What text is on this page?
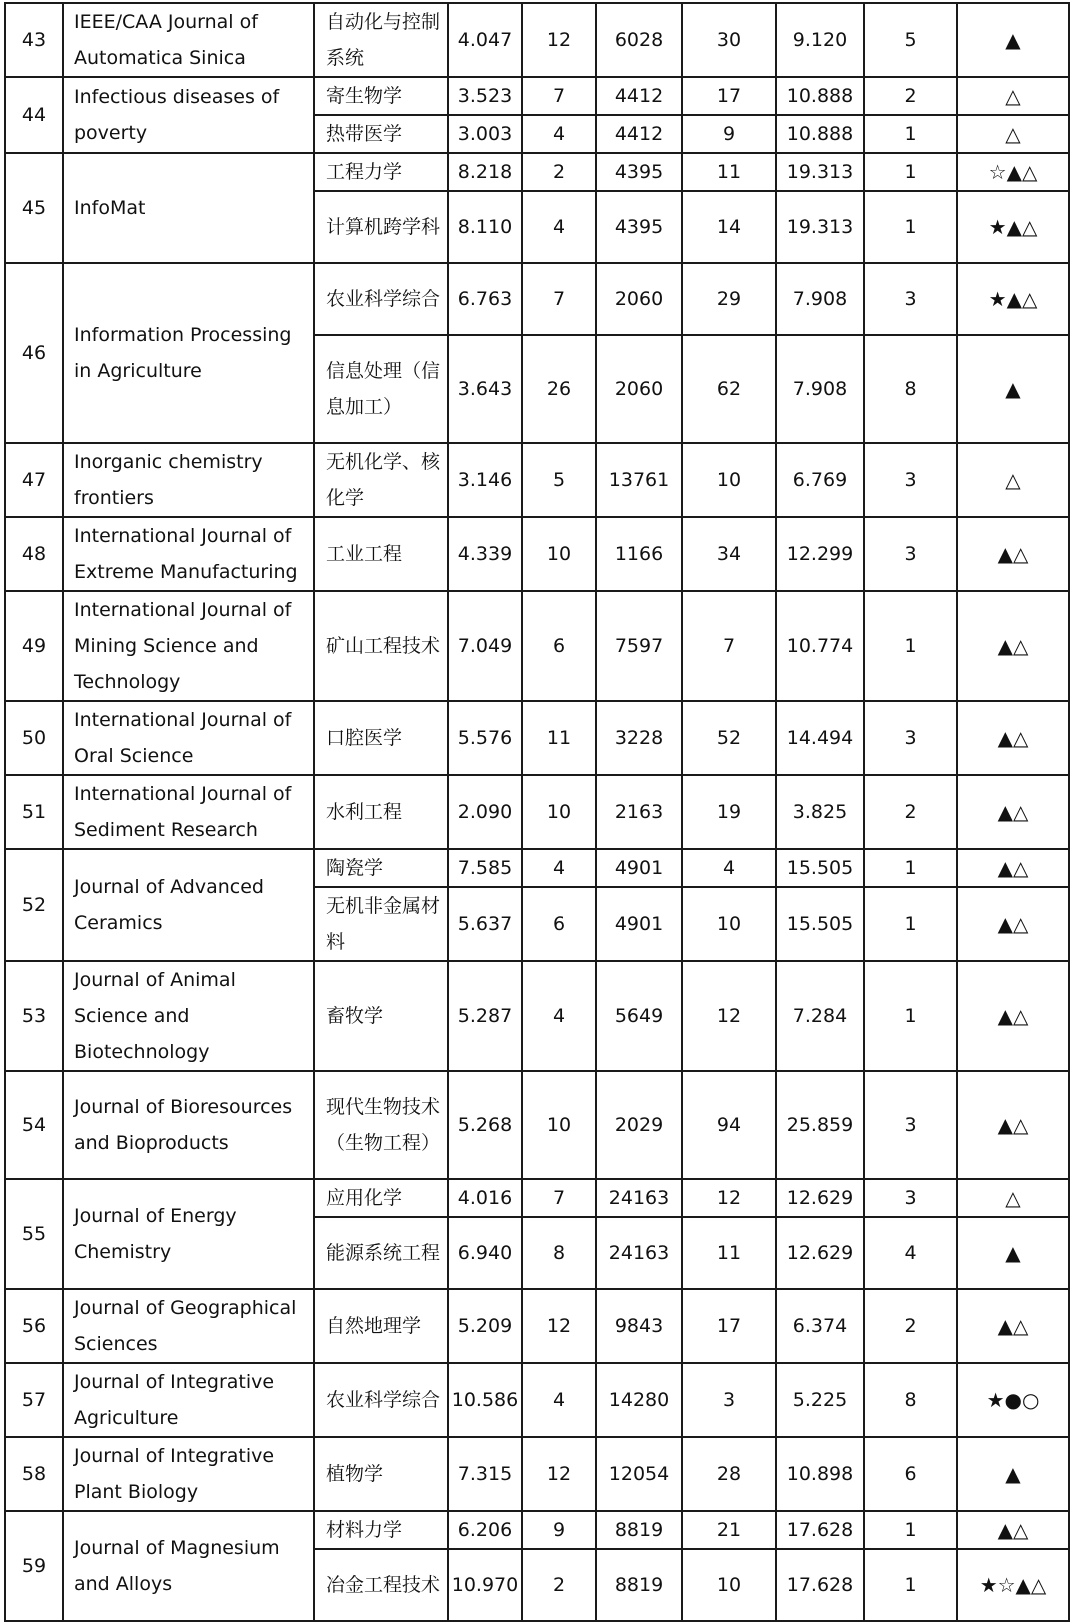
43	IEEE/CAA Journal of Automatica Sinica	自动化与控制系统	4.047	12	6028	30	9.120	5	▲
44	Infectious diseases of poverty	寄生物学	3.523	7	4412	17	10.888	2	△
		热带医学	3.003	4	4412	9	10.888	1	△
45	InfoMat	工程力学	8.218	2	4395	11	19.313	1	☆▲△
		计算机跨学科	8.110	4	4395	14	19.313	1	★▲△
46	Information Processing in Agriculture	农业科学综合	6.763	7	2060	29	7.908	3	★▲△
		信息处理（信息加工）	3.643	26	2060	62	7.908	8	▲
47	Inorganic chemistry frontiers	无机化学、核化学	3.146	5	13761	10	6.769	3	△
48	International Journal of Extreme Manufacturing	工业工程	4.339	10	1166	34	12.299	3	▲△
49	International Journal of Mining Science and Technology	矿山工程技术	7.049	6	7597	7	10.774	1	▲△
50	International Journal of Oral Science	口腔医学	5.576	11	3228	52	14.494	3	▲△
51	International Journal of Sediment Research	水利工程	2.090	10	2163	19	3.825	2	▲△
52	Journal of Advanced Ceramics	陶瓷学	7.585	4	4901	4	15.505	1	▲△
		无机非金属材料	5.637	6	4901	10	15.505	1	▲△
53	Journal of Animal Science and Biotechnology	畜牧学	5.287	4	5649	12	7.284	1	▲△
54	Journal of Bioresources and Bioproducts	现代生物技术（生物工程）	5.268	10	2029	94	25.859	3	▲△
55	Journal of Energy Chemistry	应用化学	4.016	7	24163	12	12.629	3	△
		能源系统工程	6.940	8	24163	11	12.629	4	▲
56	Journal of Geographical Sciences	自然地理学	5.209	12	9843	17	6.374	2	▲△
57	Journal of Integrative Agriculture	农业科学综合	10.586	4	14280	3	5.225	8	★●○
58	Journal of Integrative Plant Biology	植物学	7.315	12	12054	28	10.898	6	▲
59	Journal of Magnesium and Alloys	材料力学	6.206	9	8819	21	17.628	1	▲△
		冶金工程技术	10.970	2	8819	10	17.628	1	★☆▲△
